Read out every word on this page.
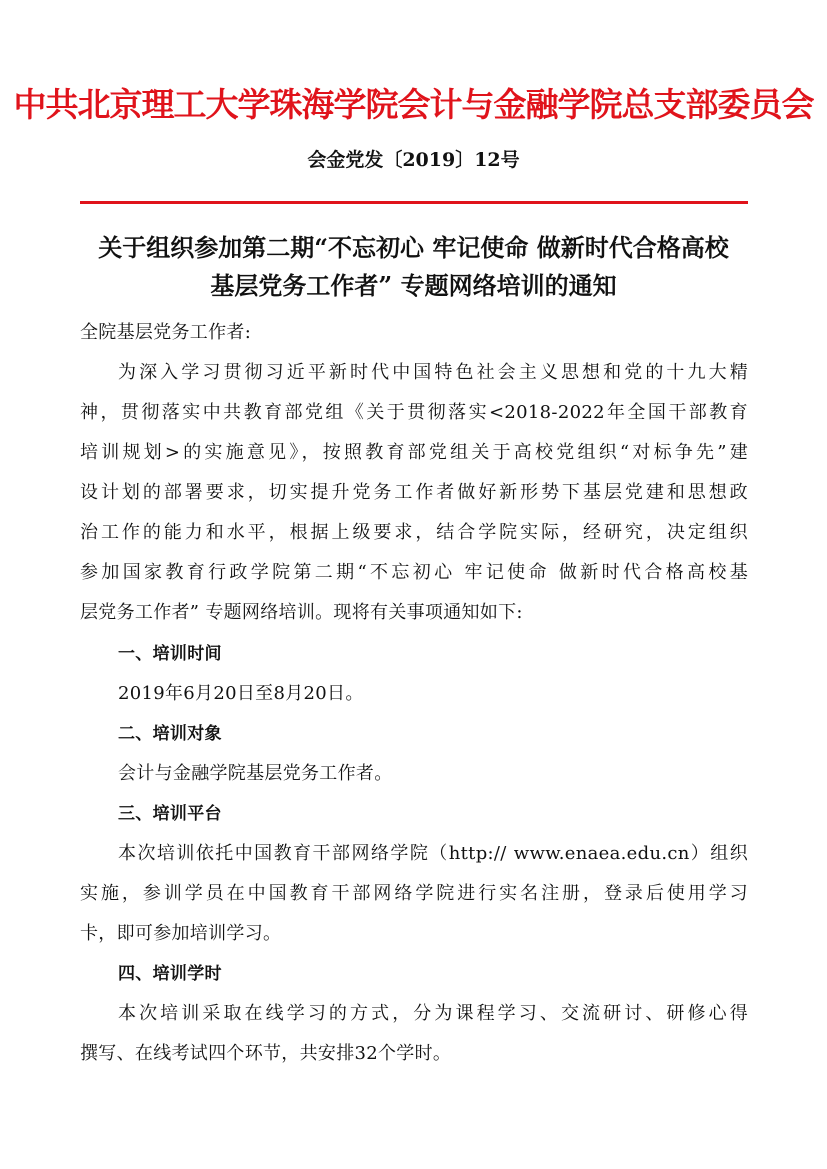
中共北京理工大学珠海学院会计与金融学院总支部委员会
会金党发〔2019〕12号
关于组织参加第二期“不忘初心 牢记使命 做新时代合格高校
基层党务工作者” 专题网络培训的通知
全院基层党务工作者:
为深入学习贯彻习近平新时代中国特色社会主义思想和党的十九大精
神，贯彻落实中共教育部党组《关于贯彻落实<2018-2022年全国干部教育
培训规划>的实施意见》，按照教育部党组关于高校党组织“对标争先”建
设计划的部署要求，切实提升党务工作者做好新形势下基层党建和思想政
治工作的能力和水平，根据上级要求，结合学院实际，经研究，决定组织
参加国家教育行政学院第二期“不忘初心 牢记使命 做新时代合格高校基
层党务工作者” 专题网络培训。现将有关事项通知如下:
一、培训时间
2019年6月20日至8月20日。
二、培训对象
会计与金融学院基层党务工作者。
三、培训平台
本次培训依托中国教育干部网络学院（http:// www.enaea.edu.cn）组织
实施，参训学员在中国教育干部网络学院进行实名注册，登录后使用学习
卡，即可参加培训学习。
四、培训学时
本次培训采取在线学习的方式，分为课程学习、交流研讨、研修心得
撰写、在线考试四个环节，共安排32个学时。
